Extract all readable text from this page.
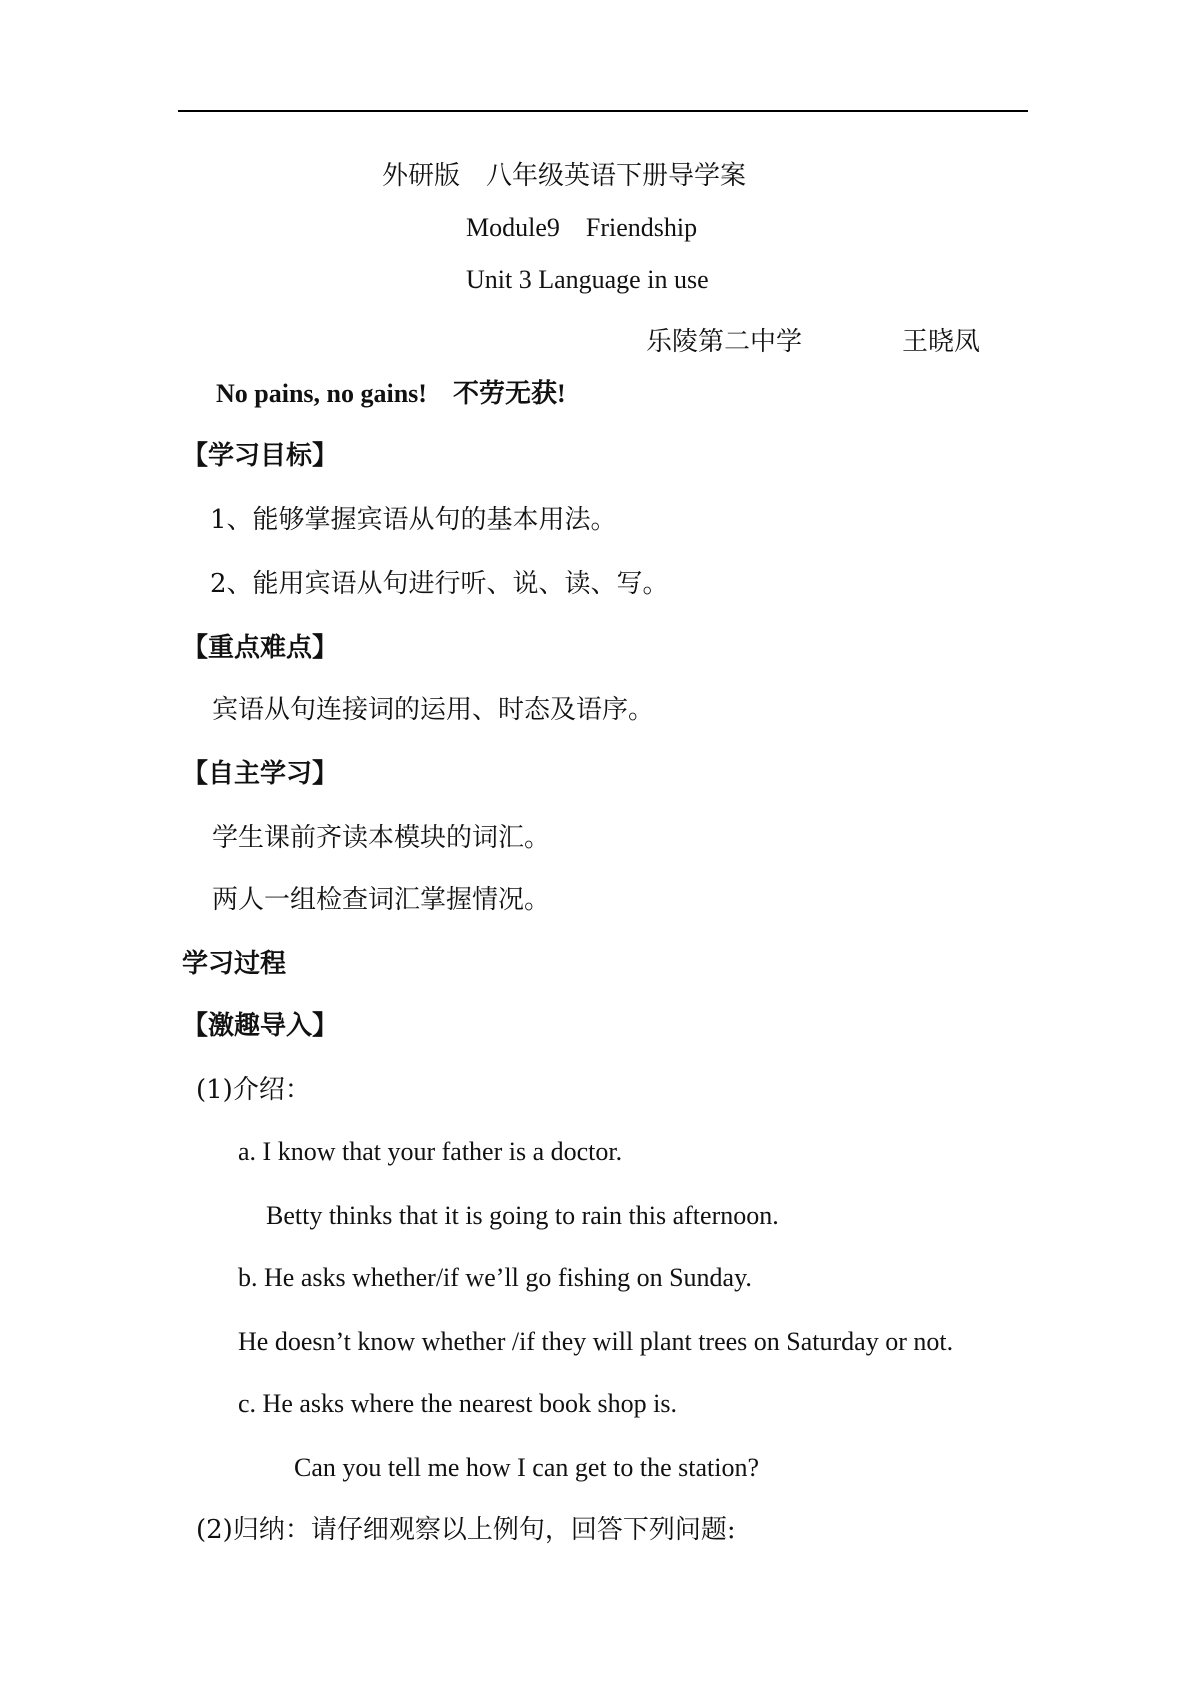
外研版　八年级英语下册导学案
Module9　Friendship
Unit 3 Language in use
乐陵第二中学	王晓凤
No pains, no gains!　不劳无获!
【学习目标】
1、能够掌握宾语从句的基本用法。
2、能用宾语从句进行听、说、读、写。
【重点难点】
宾语从句连接词的运用、时态及语序。
【自主学习】
学生课前齐读本模块的词汇。
两人一组检查词汇掌握情况。
学习过程
【激趣导入】
(1)介绍：
a. I know that your father is a doctor.
Betty thinks that it is going to rain this afternoon.
b. He asks whether/if we’ll go fishing on Sunday.
He doesn’t know whether /if they will plant trees on Saturday or not.
c. He asks where the nearest book shop is.
Can you tell me how I can get to the station?
(2)归纳：请仔细观察以上例句，回答下列问题:
